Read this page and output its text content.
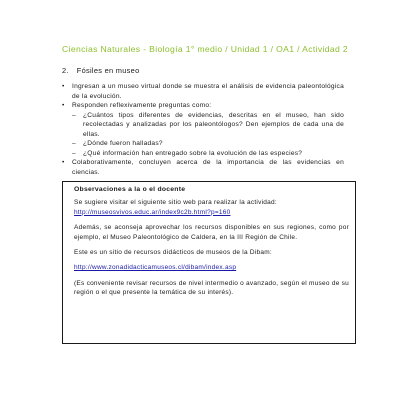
Ciencias Naturales - Biología 1° medio / Unidad 1 / OA1 / Actividad 2
2. Fósiles en museo
• Ingresan a un museo virtual donde se muestra el análisis de evidencia paleontológica de la evolución.
• Responden reflexivamente preguntas como:
– ¿Cuántos tipos diferentes de evidencias, descritas en el museo, han sido recolectadas y analizadas por los paleontólogos? Den ejemplos de cada una de ellas.
– ¿Dónde fueron halladas?
– ¿Qué información han entregado sobre la evolución de las especies?
• Colaborativamente, concluyen acerca de la importancia de las evidencias en ciencias.
Observaciones a la o el docente

Se sugiere visitar el siguiente sitio web para realizar la actividad:
http://museosvivos.educ.ar/index9c2b.html?p=160

Además, se aconseja aprovechar los recursos disponibles en sus regiones, como por ejemplo, el Museo Paleontológico de Caldera, en la III Región de Chile.

Este es un sitio de recursos didácticos de museos de la Dibam:

http://www.zonadidacticamuseos.cl/dibam/index.asp

(Es conveniente revisar recursos de nivel intermedio o avanzado, según el museo de su región o el que presente la temática de su interés).
